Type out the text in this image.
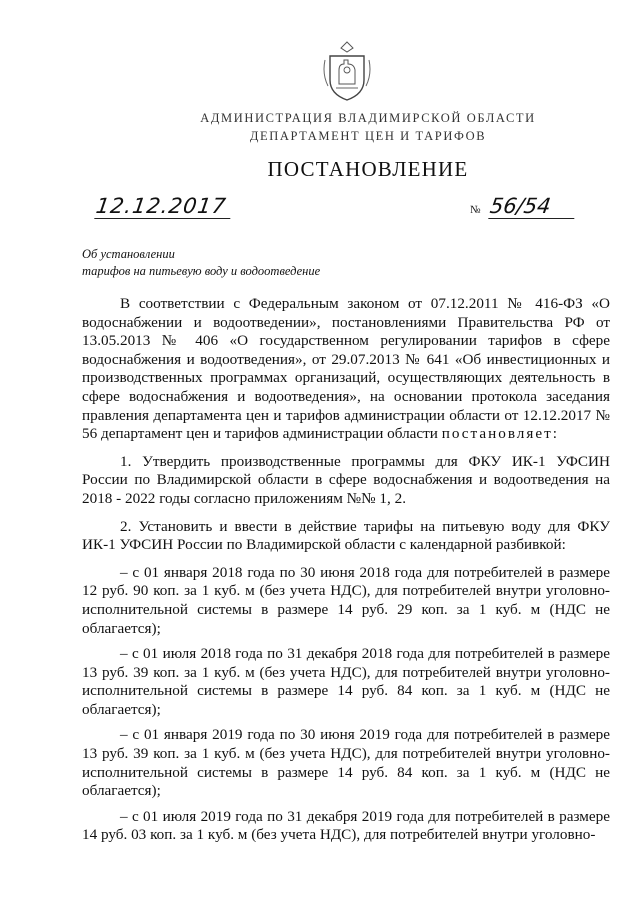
АДМИНИСТРАЦИЯ ВЛАДИМИРСКОЙ ОБЛАСТИ
ДЕПАРТАМЕНТ ЦЕН И ТАРИФОВ
ПОСТАНОВЛЕНИЕ
12.12.2017	№ 56/54
Об установлении
тарифов на питьевую воду и водоотведение

В соответствии с Федеральным законом от 07.12.2011 № 416-ФЗ «О водоснабжении и водоотведении», постановлениями Правительства РФ от 13.05.2013 № 406 «О государственном регулировании тарифов в сфере водоснабжения и водоотведения», от 29.07.2013 № 641 «Об инвестиционных и производственных программах организаций, осуществляющих деятельность в сфере водоснабжения и водоотведения», на основании протокола заседания правления департамента цен и тарифов администрации области от 12.12.2017 № 56 департамент цен и тарифов администрации области постановляет:

1. Утвердить производственные программы для ФКУ ИК-1 УФСИН России по Владимирской области в сфере водоснабжения и водоотведения на 2018 - 2022 годы согласно приложениям №№ 1, 2.

2. Установить и ввести в действие тарифы на питьевую воду для ФКУ ИК-1 УФСИН России по Владимирской области с календарной разбивкой:

– с 01 января 2018 года по 30 июня 2018 года для потребителей в размере 12 руб. 90 коп. за 1 куб. м (без учета НДС), для потребителей внутри уголовно-исполнительной системы в размере 14 руб. 29 коп. за 1 куб. м (НДС не облагается);

– с 01 июля 2018 года по 31 декабря 2018 года для потребителей в размере 13 руб. 39 коп. за 1 куб. м (без учета НДС), для потребителей внутри уголовно-исполнительной системы в размере 14 руб. 84 коп. за 1 куб. м (НДС не облагается);

– с 01 января 2019 года по 30 июня 2019 года для потребителей в размере 13 руб. 39 коп. за 1 куб. м (без учета НДС), для потребителей внутри уголовно-исполнительной системы в размере 14 руб. 84 коп. за 1 куб. м (НДС не облагается);

– с 01 июля 2019 года по 31 декабря 2019 года для потребителей в размере 14 руб. 03 коп. за 1 куб. м (без учета НДС), для потребителей внутри уголовно-
